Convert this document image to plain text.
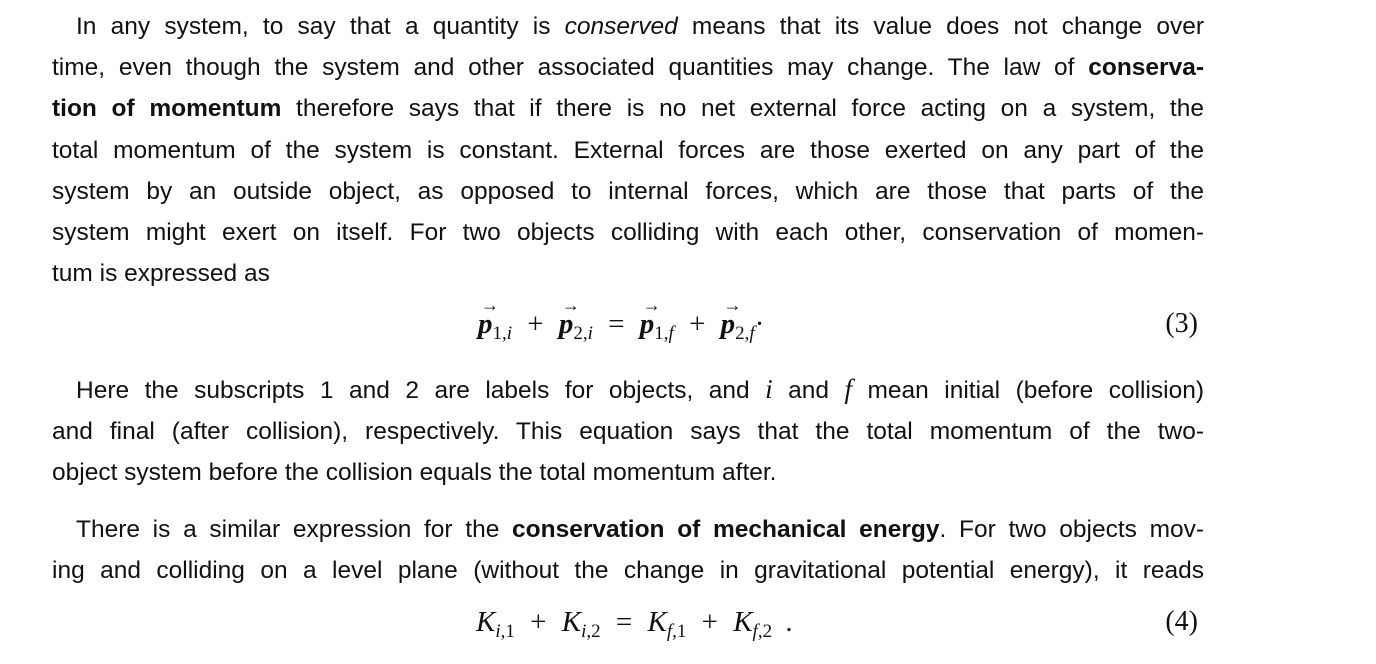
In any system, to say that a quantity is conserved means that its value does not change over
time, even though the system and other associated quantities may change. The law of conserva-
tion of momentum therefore says that if there is no net external force acting on a system, the
total momentum of the system is constant. External forces are those exerted on any part of the
system by an outside object, as opposed to internal forces, which are those that parts of the
system might exert on itself. For two objects colliding with each other, conservation of momen-
tum is expressed as

→
$p_{1,i}$ +
→
$p_{2,i}$ =
→
$p_{1,f}$ +
→
$p_{2,f}\cdot$	(3)

Here the subscripts 1 and 2 are labels for objects, and i and f mean initial (before collision)
and final (after collision), respectively. This equation says that the total momentum of the two-
object system before the collision equals the total momentum after.

There is a similar expression for the conservation of mechanical energy. For two objects mov-
ing and colliding on a level plane (without the change in gravitational potential energy), it reads

$K_{i,1} + K_{i,2} = K_{f,1} + K_{f,2}$ .	(4)
